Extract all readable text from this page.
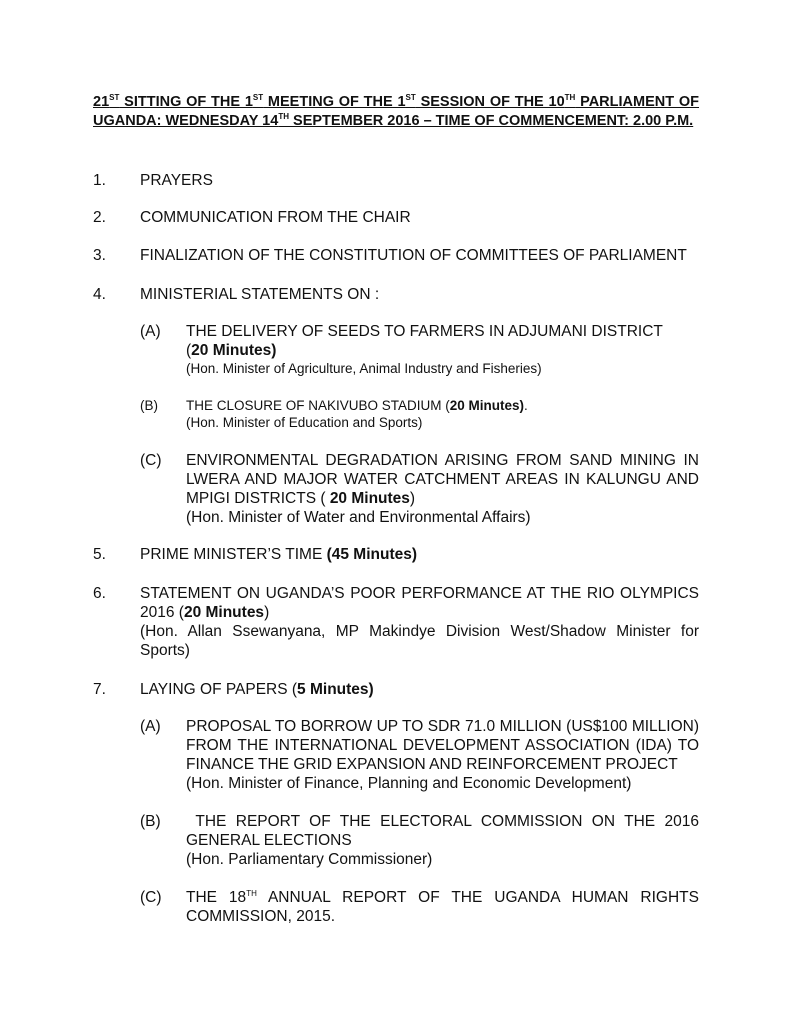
21ST SITTING OF THE 1ST MEETING OF THE 1ST SESSION OF THE 10TH PARLIAMENT OF UGANDA: WEDNESDAY 14TH SEPTEMBER 2016 – TIME OF COMMENCEMENT: 2.00 P.M.
1. PRAYERS
2. COMMUNICATION FROM THE CHAIR
3. FINALIZATION OF THE CONSTITUTION OF COMMITTEES OF PARLIAMENT
4. MINISTERIAL STATEMENTS ON :
(A) THE DELIVERY OF SEEDS TO FARMERS IN ADJUMANI DISTRICT
(20 Minutes)
(Hon. Minister of Agriculture, Animal Industry and Fisheries)
(B) THE CLOSURE OF NAKIVUBO STADIUM (20 Minutes).
(Hon. Minister of Education and Sports)
(C) ENVIRONMENTAL DEGRADATION ARISING FROM SAND MINING IN LWERA AND MAJOR WATER CATCHMENT AREAS IN KALUNGU AND MPIGI DISTRICTS ( 20 Minutes)
(Hon. Minister of Water and Environmental Affairs)
5. PRIME MINISTER’S TIME (45 Minutes)
6. STATEMENT ON UGANDA’S POOR PERFORMANCE AT THE RIO OLYMPICS 2016 (20 Minutes)
(Hon. Allan Ssewanyana, MP Makindye Division West/Shadow Minister for Sports)
7. LAYING OF PAPERS (5 Minutes)
(A) PROPOSAL TO BORROW UP TO SDR 71.0 MILLION (US$100 MILLION) FROM THE INTERNATIONAL DEVELOPMENT ASSOCIATION (IDA) TO FINANCE THE GRID EXPANSION AND REINFORCEMENT PROJECT
(Hon. Minister of Finance, Planning and Economic Development)
(B) THE REPORT OF THE ELECTORAL COMMISSION ON THE 2016 GENERAL ELECTIONS
(Hon. Parliamentary Commissioner)
(C) THE 18TH ANNUAL REPORT OF THE UGANDA HUMAN RIGHTS COMMISSION, 2015.
